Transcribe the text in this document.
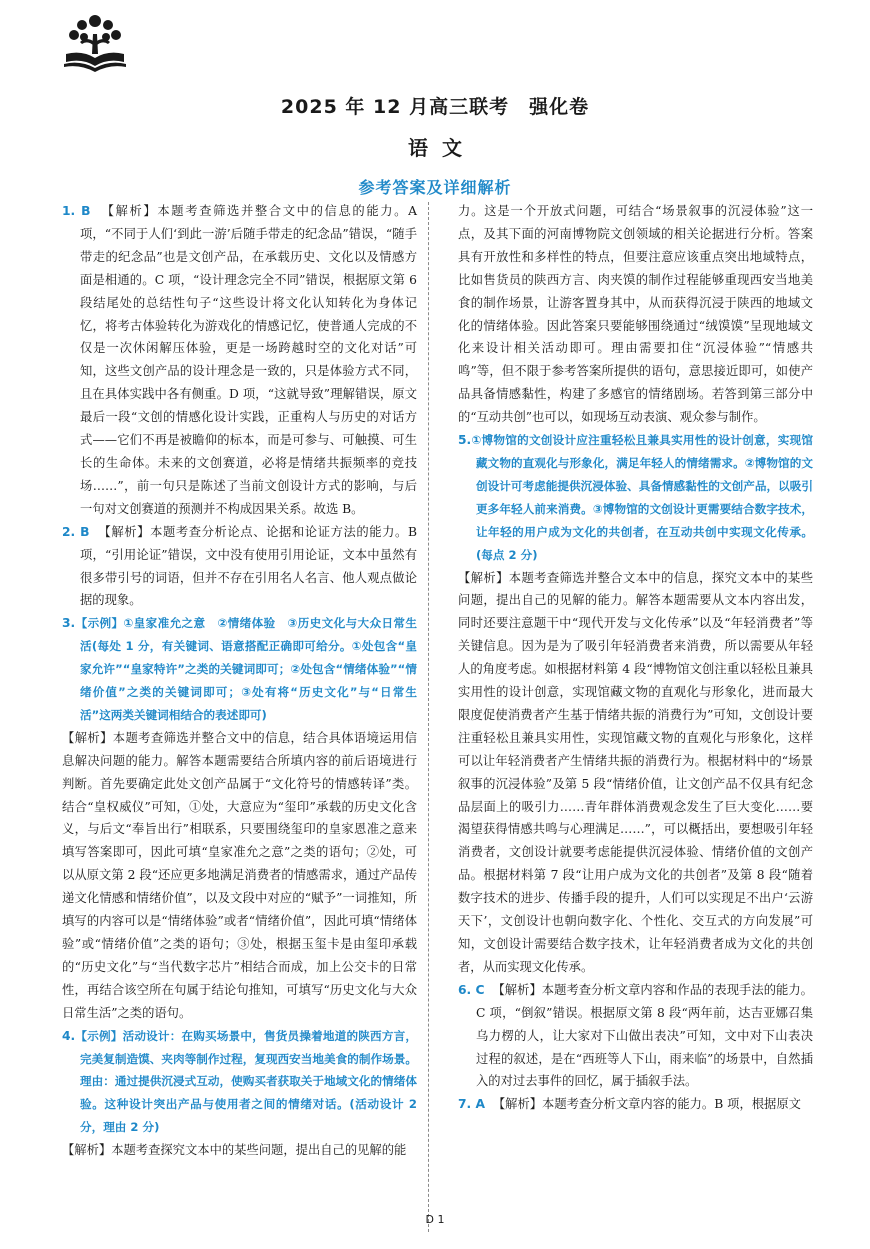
2025 年 12 月高三联考　强化卷
语文
参考答案及详细解析

1. B 【解析】本题考查筛选并整合文中的信息的能力。A 项，“不同于人们‘到此一游’后随手带走的纪念品”错误，“随手带走的纪念品”也是文创产品，在承载历史、文化以及情感方面是相通的。C 项，“设计理念完全不同”错误，根据原文第 6 段结尾处的总结性句子“这些设计将文化认知转化为身体记忆，将考古体验转化为游戏化的情感记忆，使普通人完成的不仅是一次休闲解压体验，更是一场跨越时空的文化对话”可知，这些文创产品的设计理念是一致的，只是体验方式不同，且在具体实践中各有侧重。D 项，“这就导致”理解错误，原文最后一段“文创的情感化设计实践，正重构人与历史的对话方式——它们不再是被瞻仰的标本，而是可参与、可触摸、可生长的生命体。未来的文创赛道，必将是情绪共振频率的竞技场……”，前一句只是陈述了当前文创设计方式的影响，与后一句对文创赛道的预测并不构成因果关系。故选 B。

2. B 【解析】本题考查分析论点、论据和论证方法的能力。B 项，“引用论证”错误，文中没有使用引用论证，文本中虽然有很多带引号的词语，但并不存在引用名人名言、他人观点做论据的现象。

3.【示例】①皇家准允之意　②情绪体验　③历史文化与大众日常生活(每处 1 分，有关键词、语意搭配正确即可给分。①处包含“皇家允许”“皇家特许”之类的关键词即可；②处包含“情绪体验”“情绪价值”之类的关键词即可；③处有将“历史文化”与“日常生活”这两类关键词相结合的表述即可)

【解析】本题考查筛选并整合文中的信息，结合具体语境运用信息解决问题的能力。解答本题需要结合所填内容的前后语境进行判断。首先要确定此处文创产品属于“文化符号的情感转译”类。结合“皇权威仪”可知，①处，大意应为“玺印”承载的历史文化含义，与后文“奉旨出行”相联系，只要围绕玺印的皇家恩准之意来填写答案即可，因此可填“皇家准允之意”之类的语句；②处，可以从原文第 2 段“还应更多地满足消费者的情感需求，通过产品传递文化情感和情绪价值”，以及文段中对应的“赋予”一词推知，所填写的内容可以是“情绪体验”或者“情绪价值”，因此可填“情绪体验”或“情绪价值”之类的语句；③处，根据玉玺卡是由玺印承载的“历史文化”与“当代数字芯片”相结合而成，加上公交卡的日常性，再结合该空所在句属于结论句推知，可填写“历史文化与大众日常生活”之类的语句。

4.【示例】活动设计：在购买场景中，售货员操着地道的陕西方言，完美复制造馍、夹肉等制作过程，复现西安当地美食的制作场景。理由：通过提供沉浸式互动，使购买者获取关于地域文化的情绪体验。这种设计突出产品与使用者之间的情绪对话。(活动设计 2 分，理由 2 分)

【解析】本题考查探究文本中的某些问题，提出自己的见解的能

力。这是一个开放式问题，可结合“场景叙事的沉浸体验”这一点，及其下面的河南博物院文创领域的相关论据进行分析。答案具有开放性和多样性的特点，但要注意应该重点突出地域特点，比如售货员的陕西方言、肉夹馍的制作过程能够重现西安当地美食的制作场景，让游客置身其中，从而获得沉浸于陕西的地域文化的情绪体验。因此答案只要能够围绕通过“绒馍馍”呈现地域文化来设计相关活动即可。理由需要扣住“沉浸体验”“情感共鸣”等，但不限于参考答案所提供的语句，意思接近即可，如使产品具备情感黏性，构建了多感官的情绪剧场。若答到第三部分中的“互动共创”也可以，如现场互动表演、观众参与制作。

5.①博物馆的文创设计应注重轻松且兼具实用性的设计创意，实现馆藏文物的直观化与形象化，满足年轻人的情绪需求。②博物馆的文创设计可考虑能提供沉浸体验、具备情感黏性的文创产品，以吸引更多年轻人前来消费。③博物馆的文创设计更需要结合数字技术，让年轻的用户成为文化的共创者，在互动共创中实现文化传承。(每点 2 分)

【解析】本题考查筛选并整合文本中的信息，探究文本中的某些问题，提出自己的见解的能力。解答本题需要从文本内容出发，同时还要注意题干中“现代开发与文化传承”以及“年轻消费者”等关键信息。因为是为了吸引年轻消费者来消费，所以需要从年轻人的角度考虑。如根据材料第 4 段“博物馆文创注重以轻松且兼具实用性的设计创意，实现馆藏文物的直观化与形象化，进而最大限度促使消费者产生基于情绪共振的消费行为”可知，文创设计要注重轻松且兼具实用性，实现馆藏文物的直观化与形象化，这样可以让年轻消费者产生情绪共振的消费行为。根据材料中的“场景叙事的沉浸体验”及第 5 段“情绪价值，让文创产品不仅具有纪念品层面上的吸引力……青年群体消费观念发生了巨大变化……要渴望获得情感共鸣与心理满足……”，可以概括出，要想吸引年轻消费者，文创设计就要考虑能提供沉浸体验、情绪价值的文创产品。根据材料第 7 段“让用户成为文化的共创者”及第 8 段“随着数字技术的进步、传播手段的提升，人们可以实现足不出户‘云游天下’，文创设计也朝向数字化、个性化、交互式的方向发展”可知，文创设计需要结合数字技术，让年轻消费者成为文化的共创者，从而实现文化传承。

6. C 【解析】本题考查分析文章内容和作品的表现手法的能力。C 项，“倒叙”错误。根据原文第 8 段“两年前，达吉亚娜召集乌力楞的人，让大家对下山做出表决”可知，文中对下山表决过程的叙述，是在“西班等人下山，雨来临”的场景中，自然插入的对过去事件的回忆，属于插叙手法。

7. A 【解析】本题考查分析文章内容的能力。B 项，根据原文

D 1
